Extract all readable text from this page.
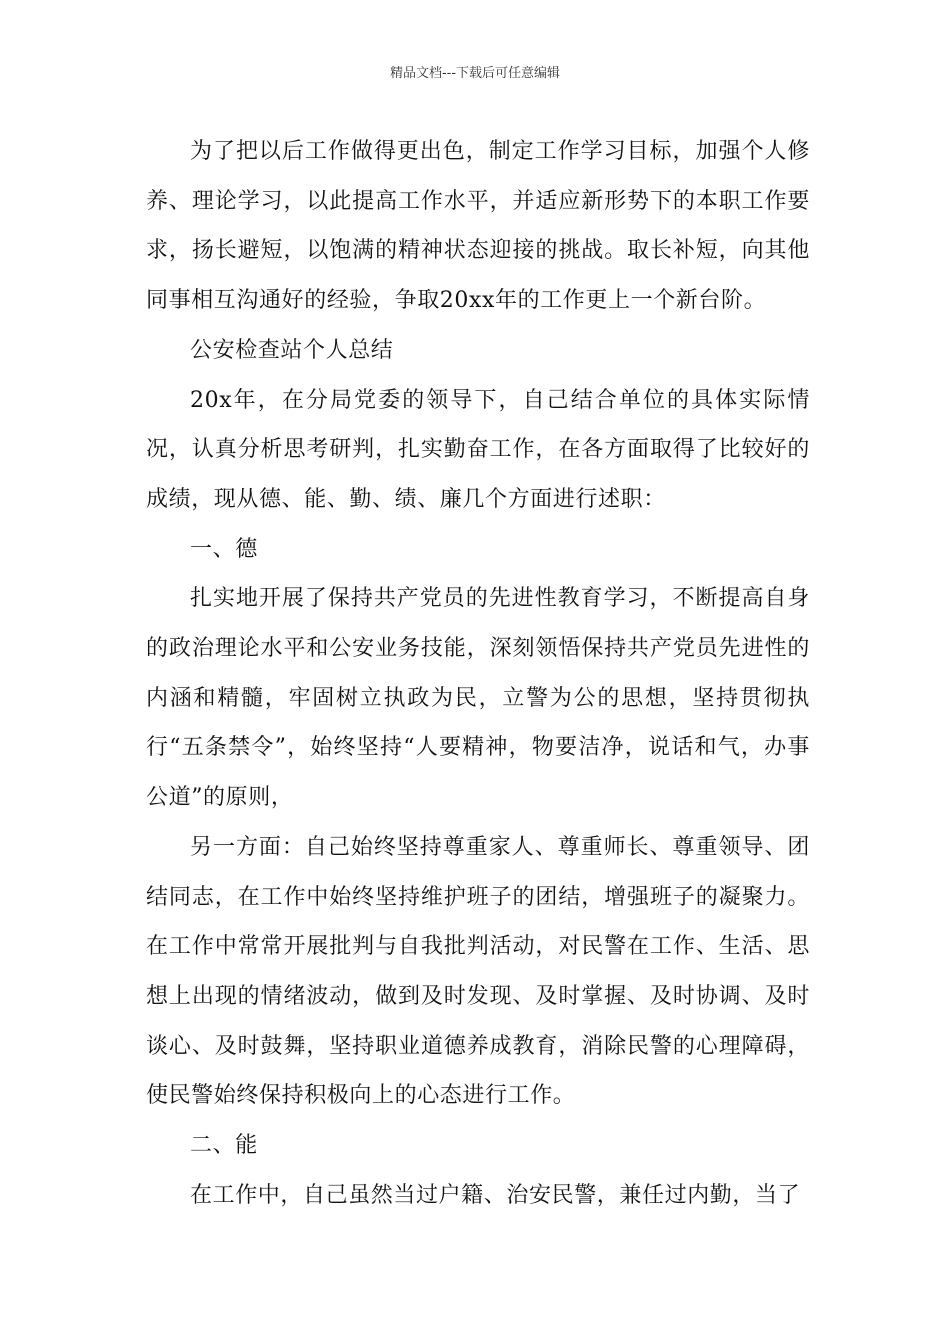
精品文档---下载后可任意编辑

为了把以后工作做得更出色，制定工作学习目标，加强个人修养、理论学习，以此提高工作水平，并适应新形势下的本职工作要求，扬长避短，以饱满的精神状态迎接的挑战。取长补短，向其他同事相互沟通好的经验，争取20xx年的工作更上一个新台阶。

公安检查站个人总结

20x年，在分局党委的领导下，自己结合单位的具体实际情况，认真分析思考研判，扎实勤奋工作，在各方面取得了比较好的成绩，现从德、能、勤、绩、廉几个方面进行述职：

一、德

扎实地开展了保持共产党员的先进性教育学习，不断提高自身的政治理论水平和公安业务技能，深刻领悟保持共产党员先进性的内涵和精髓，牢固树立执政为民，立警为公的思想，坚持贯彻执行“五条禁令”，始终坚持“人要精神，物要洁净，说话和气，办事公道”的原则，

另一方面：自己始终坚持尊重家人、尊重师长、尊重领导、团结同志，在工作中始终坚持维护班子的团结，增强班子的凝聚力。在工作中常常开展批判与自我批判活动，对民警在工作、生活、思想上出现的情绪波动，做到及时发现、及时掌握、及时协调、及时谈心、及时鼓舞，坚持职业道德养成教育，消除民警的心理障碍，使民警始终保持积极向上的心态进行工作。

二、能

在工作中，自己虽然当过户籍、治安民警，兼任过内勤，当了
